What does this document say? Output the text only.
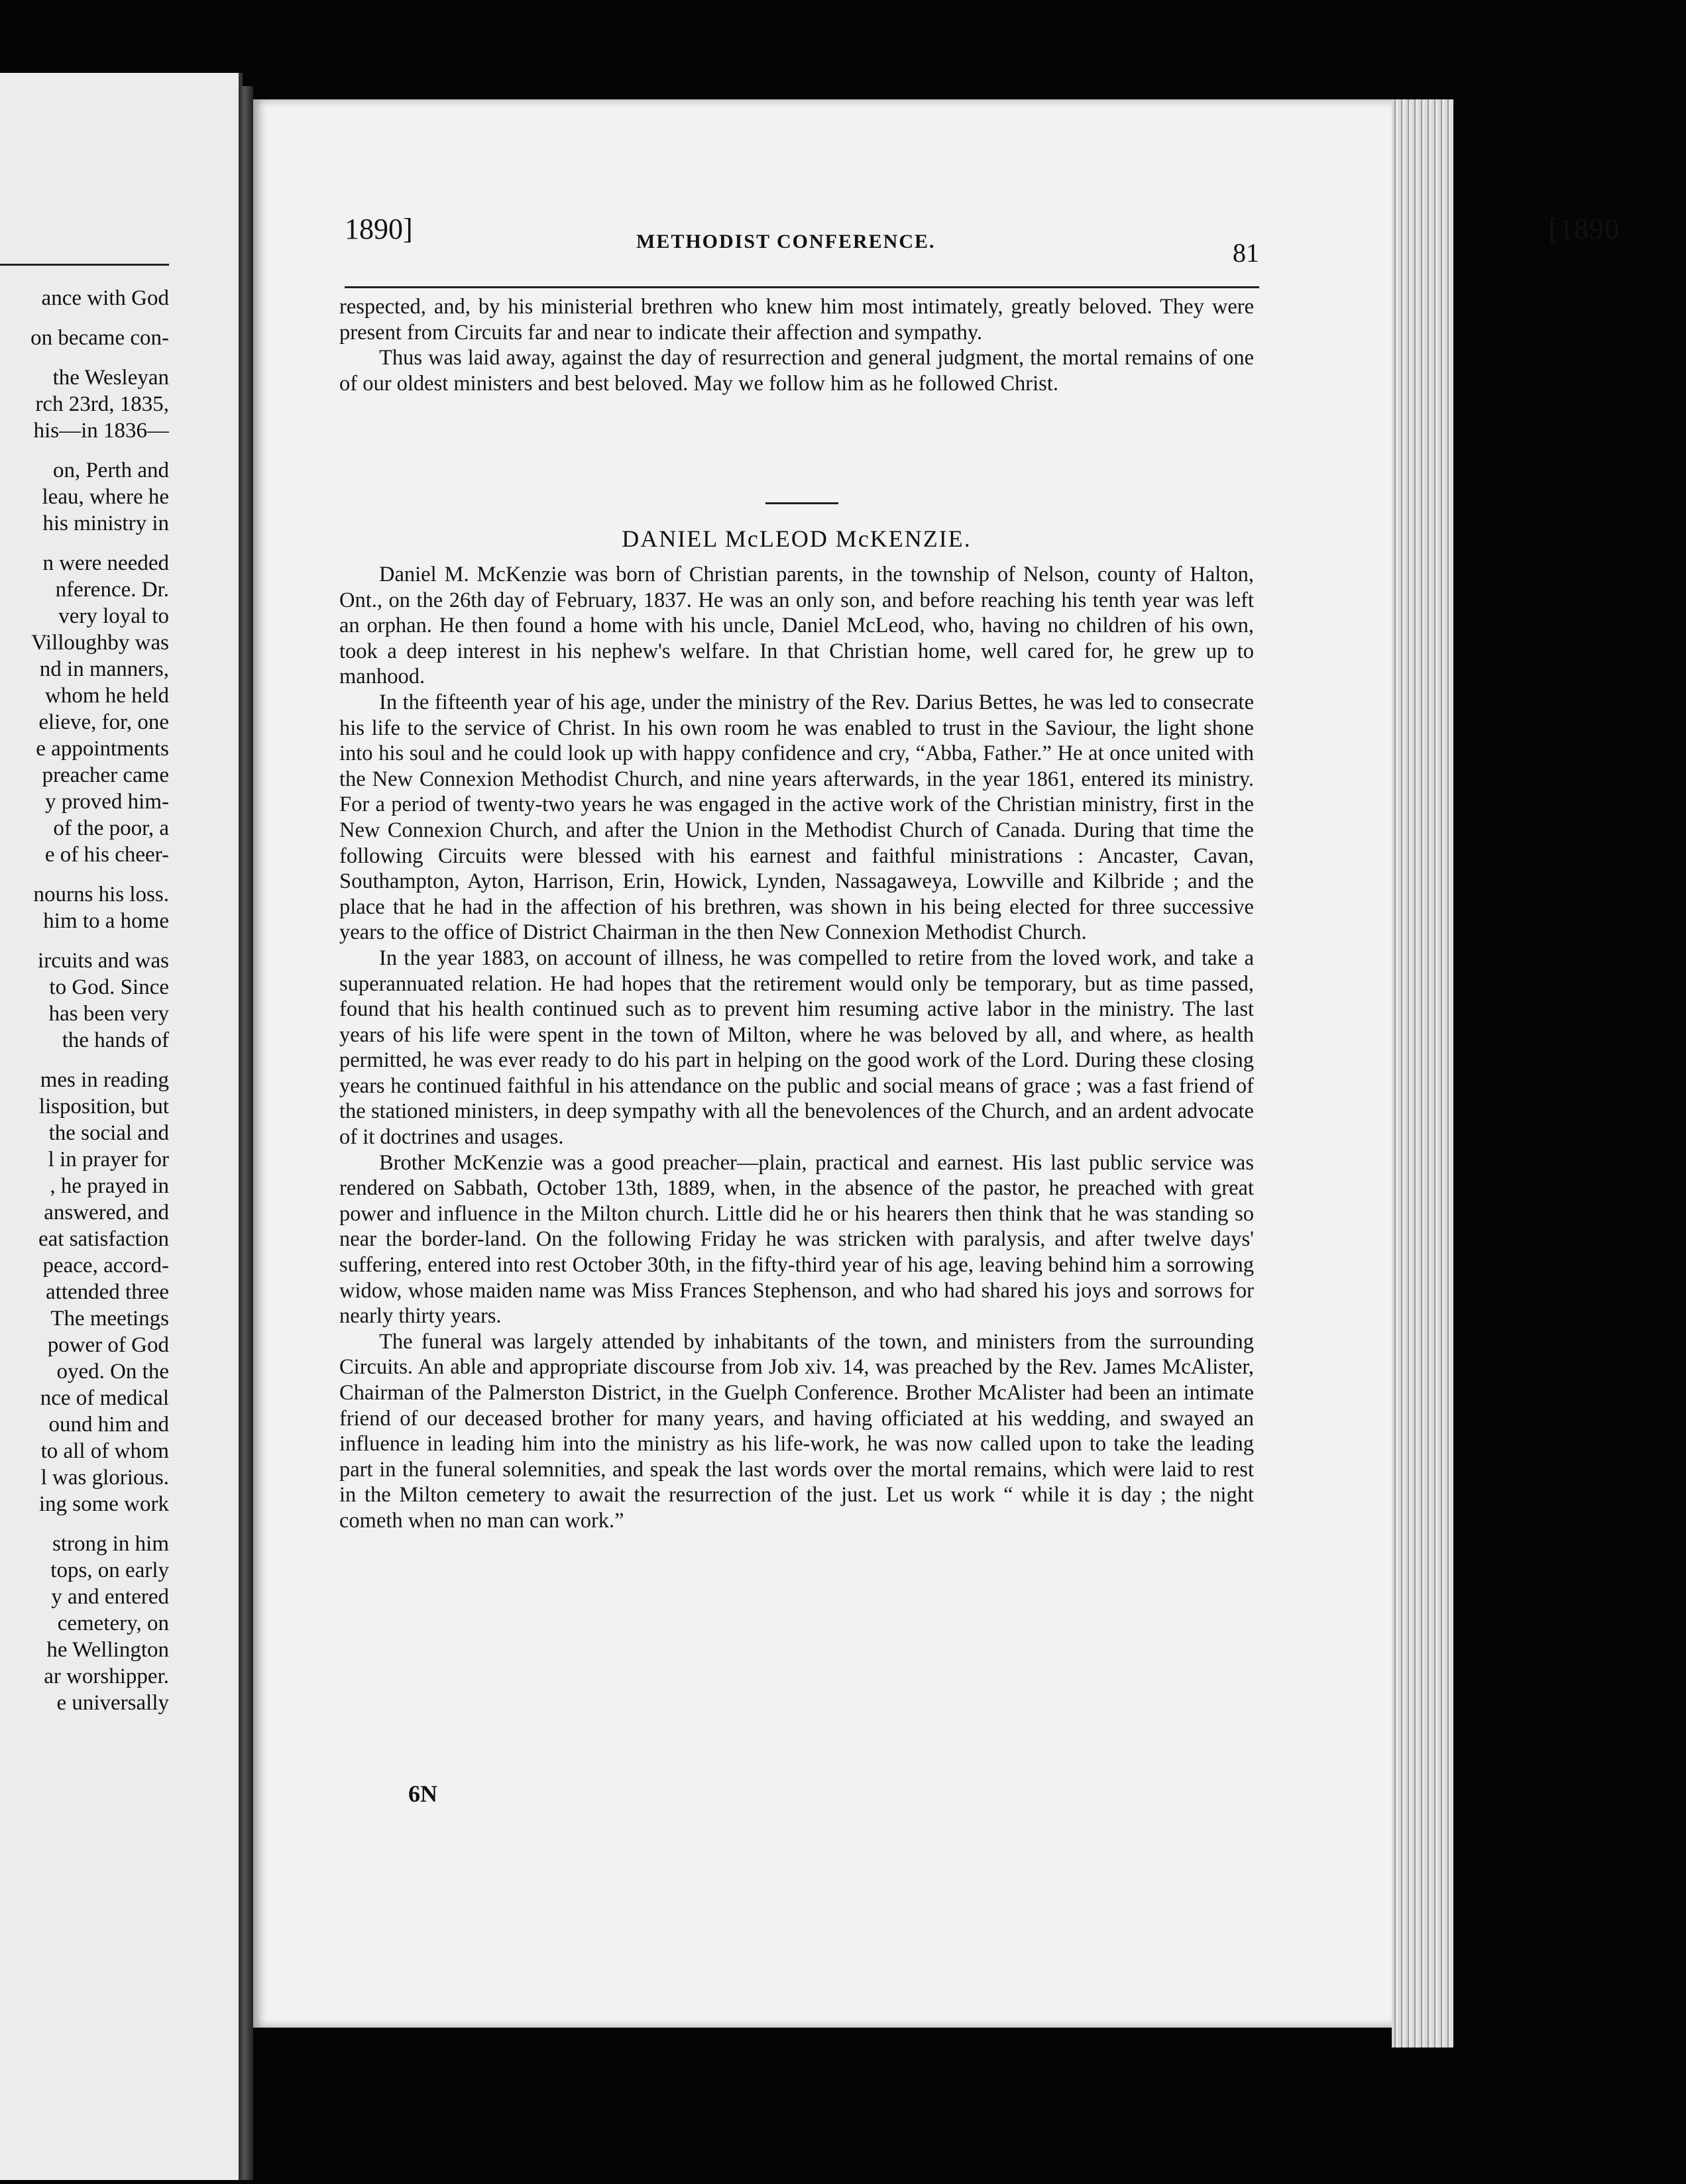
[1890
ance with God
on became con-
the Wesleyan
rch 23rd, 1835,
his—in 1836—
on, Perth and
leau, where he
his ministry in
n were needed
nference. Dr.
very loyal to
Villoughby was
nd in manners,
whom he held
elieve, for, one
e appointments
preacher came
y proved him-
of the poor, a
e of his cheer-
nourns his loss.
him to a home
ircuits and was
to God. Since
has been very
the hands of
mes in reading
lisposition, but
the social and
l in prayer for
, he prayed in
answered, and
eat satisfaction
peace, accord-
attended three
The meetings
power of God
oyed. On the
nce of medical
ound him and
to all of whom
l was glorious.
ing some work
strong in him
tops, on early
y and entered
cemetery, on
he Wellington
ar worshipper.
e universally
1890]	METHODIST CONFERENCE.	81

respected, and, by his ministerial brethren who knew him most intimately, greatly beloved. They were present from Circuits far and near to indicate their affection and sympathy.

Thus was laid away, against the day of resurrection and general judgment, the mortal remains of one of our oldest ministers and best beloved. May we follow him as he followed Christ.

DANIEL McLEOD McKENZIE.

Daniel M. McKenzie was born of Christian parents, in the township of Nelson, county of Halton, Ont., on the 26th day of February, 1837. He was an only son, and before reaching his tenth year was left an orphan. He then found a home with his uncle, Daniel McLeod, who, having no children of his own, took a deep interest in his nephew's welfare. In that Christian home, well cared for, he grew up to manhood.

In the fifteenth year of his age, under the ministry of the Rev. Darius Bettes, he was led to consecrate his life to the service of Christ. In his own room he was enabled to trust in the Saviour, the light shone into his soul and he could look up with happy confidence and cry, “Abba, Father.” He at once united with the New Connexion Methodist Church, and nine years afterwards, in the year 1861, entered its ministry. For a period of twenty-two years he was engaged in the active work of the Christian ministry, first in the New Connexion Church, and after the Union in the Methodist Church of Canada. During that time the following Circuits were blessed with his earnest and faithful ministrations : Ancaster, Cavan, Southampton, Ayton, Harrison, Erin, Howick, Lynden, Nassagaweya, Lowville and Kilbride ; and the place that he had in the affection of his brethren, was shown in his being elected for three successive years to the office of District Chairman in the then New Connexion Methodist Church.

In the year 1883, on account of illness, he was compelled to retire from the loved work, and take a superannuated relation. He had hopes that the retirement would only be temporary, but as time passed, found that his health continued such as to prevent him resuming active labor in the ministry. The last years of his life were spent in the town of Milton, where he was beloved by all, and where, as health permitted, he was ever ready to do his part in helping on the good work of the Lord. During these closing years he continued faithful in his attendance on the public and social means of grace ; was a fast friend of the stationed ministers, in deep sympathy with all the benevolences of the Church, and an ardent advocate of it doctrines and usages.

Brother McKenzie was a good preacher—plain, practical and earnest. His last public service was rendered on Sabbath, October 13th, 1889, when, in the absence of the pastor, he preached with great power and influence in the Milton church. Little did he or his hearers then think that he was standing so near the border-land. On the following Friday he was stricken with paralysis, and after twelve days' suffering, entered into rest October 30th, in the fifty-third year of his age, leaving behind him a sorrowing widow, whose maiden name was Miss Frances Stephenson, and who had shared his joys and sorrows for nearly thirty years.

The funeral was largely attended by inhabitants of the town, and ministers from the surrounding Circuits. An able and appropriate discourse from Job xiv. 14, was preached by the Rev. James McAlister, Chairman of the Palmerston District, in the Guelph Conference. Brother McAlister had been an intimate friend of our deceased brother for many years, and having officiated at his wedding, and swayed an influence in leading him into the ministry as his life-work, he was now called upon to take the leading part in the funeral solemnities, and speak the last words over the mortal remains, which were laid to rest in the Milton cemetery to await the resurrection of the just. Let us work “ while it is day ; the night cometh when no man can work.”

6N
